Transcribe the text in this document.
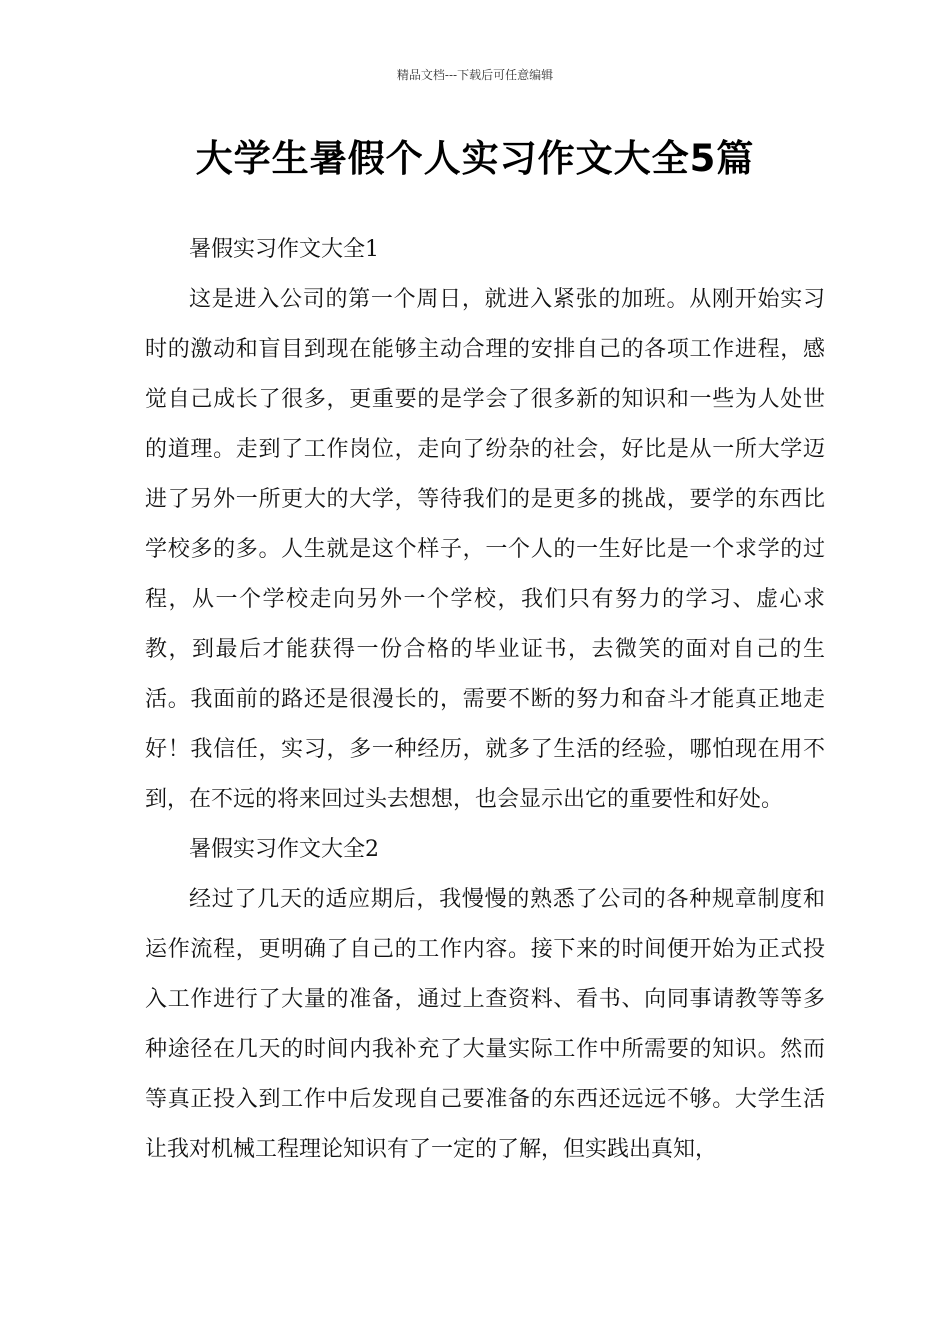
精品文档---下载后可任意编辑
大学生暑假个人实习作文大全5篇

暑假实习作文大全1

这是进入公司的第一个周日，就进入紧张的加班。从刚开始实习时的激动和盲目到现在能够主动合理的安排自己的各项工作进程，感觉自己成长了很多，更重要的是学会了很多新的知识和一些为人处世的道理。走到了工作岗位，走向了纷杂的社会，好比是从一所大学迈进了另外一所更大的大学，等待我们的是更多的挑战，要学的东西比学校多的多。人生就是这个样子，一个人的一生好比是一个求学的过程，从一个学校走向另外一个学校，我们只有努力的学习、虚心求教，到最后才能获得一份合格的毕业证书，去微笑的面对自己的生活。我面前的路还是很漫长的，需要不断的努力和奋斗才能真正地走好！我信任，实习，多一种经历，就多了生活的经验，哪怕现在用不到，在不远的将来回过头去想想，也会显示出它的重要性和好处。

暑假实习作文大全2

经过了几天的适应期后，我慢慢的熟悉了公司的各种规章制度和运作流程，更明确了自己的工作内容。接下来的时间便开始为正式投入工作进行了大量的准备，通过上查资料、看书、向同事请教等等多种途径在几天的时间内我补充了大量实际工作中所需要的知识。然而等真正投入到工作中后发现自己要准备的东西还远远不够。大学生活让我对机械工程理论知识有了一定的了解，但实践出真知，
